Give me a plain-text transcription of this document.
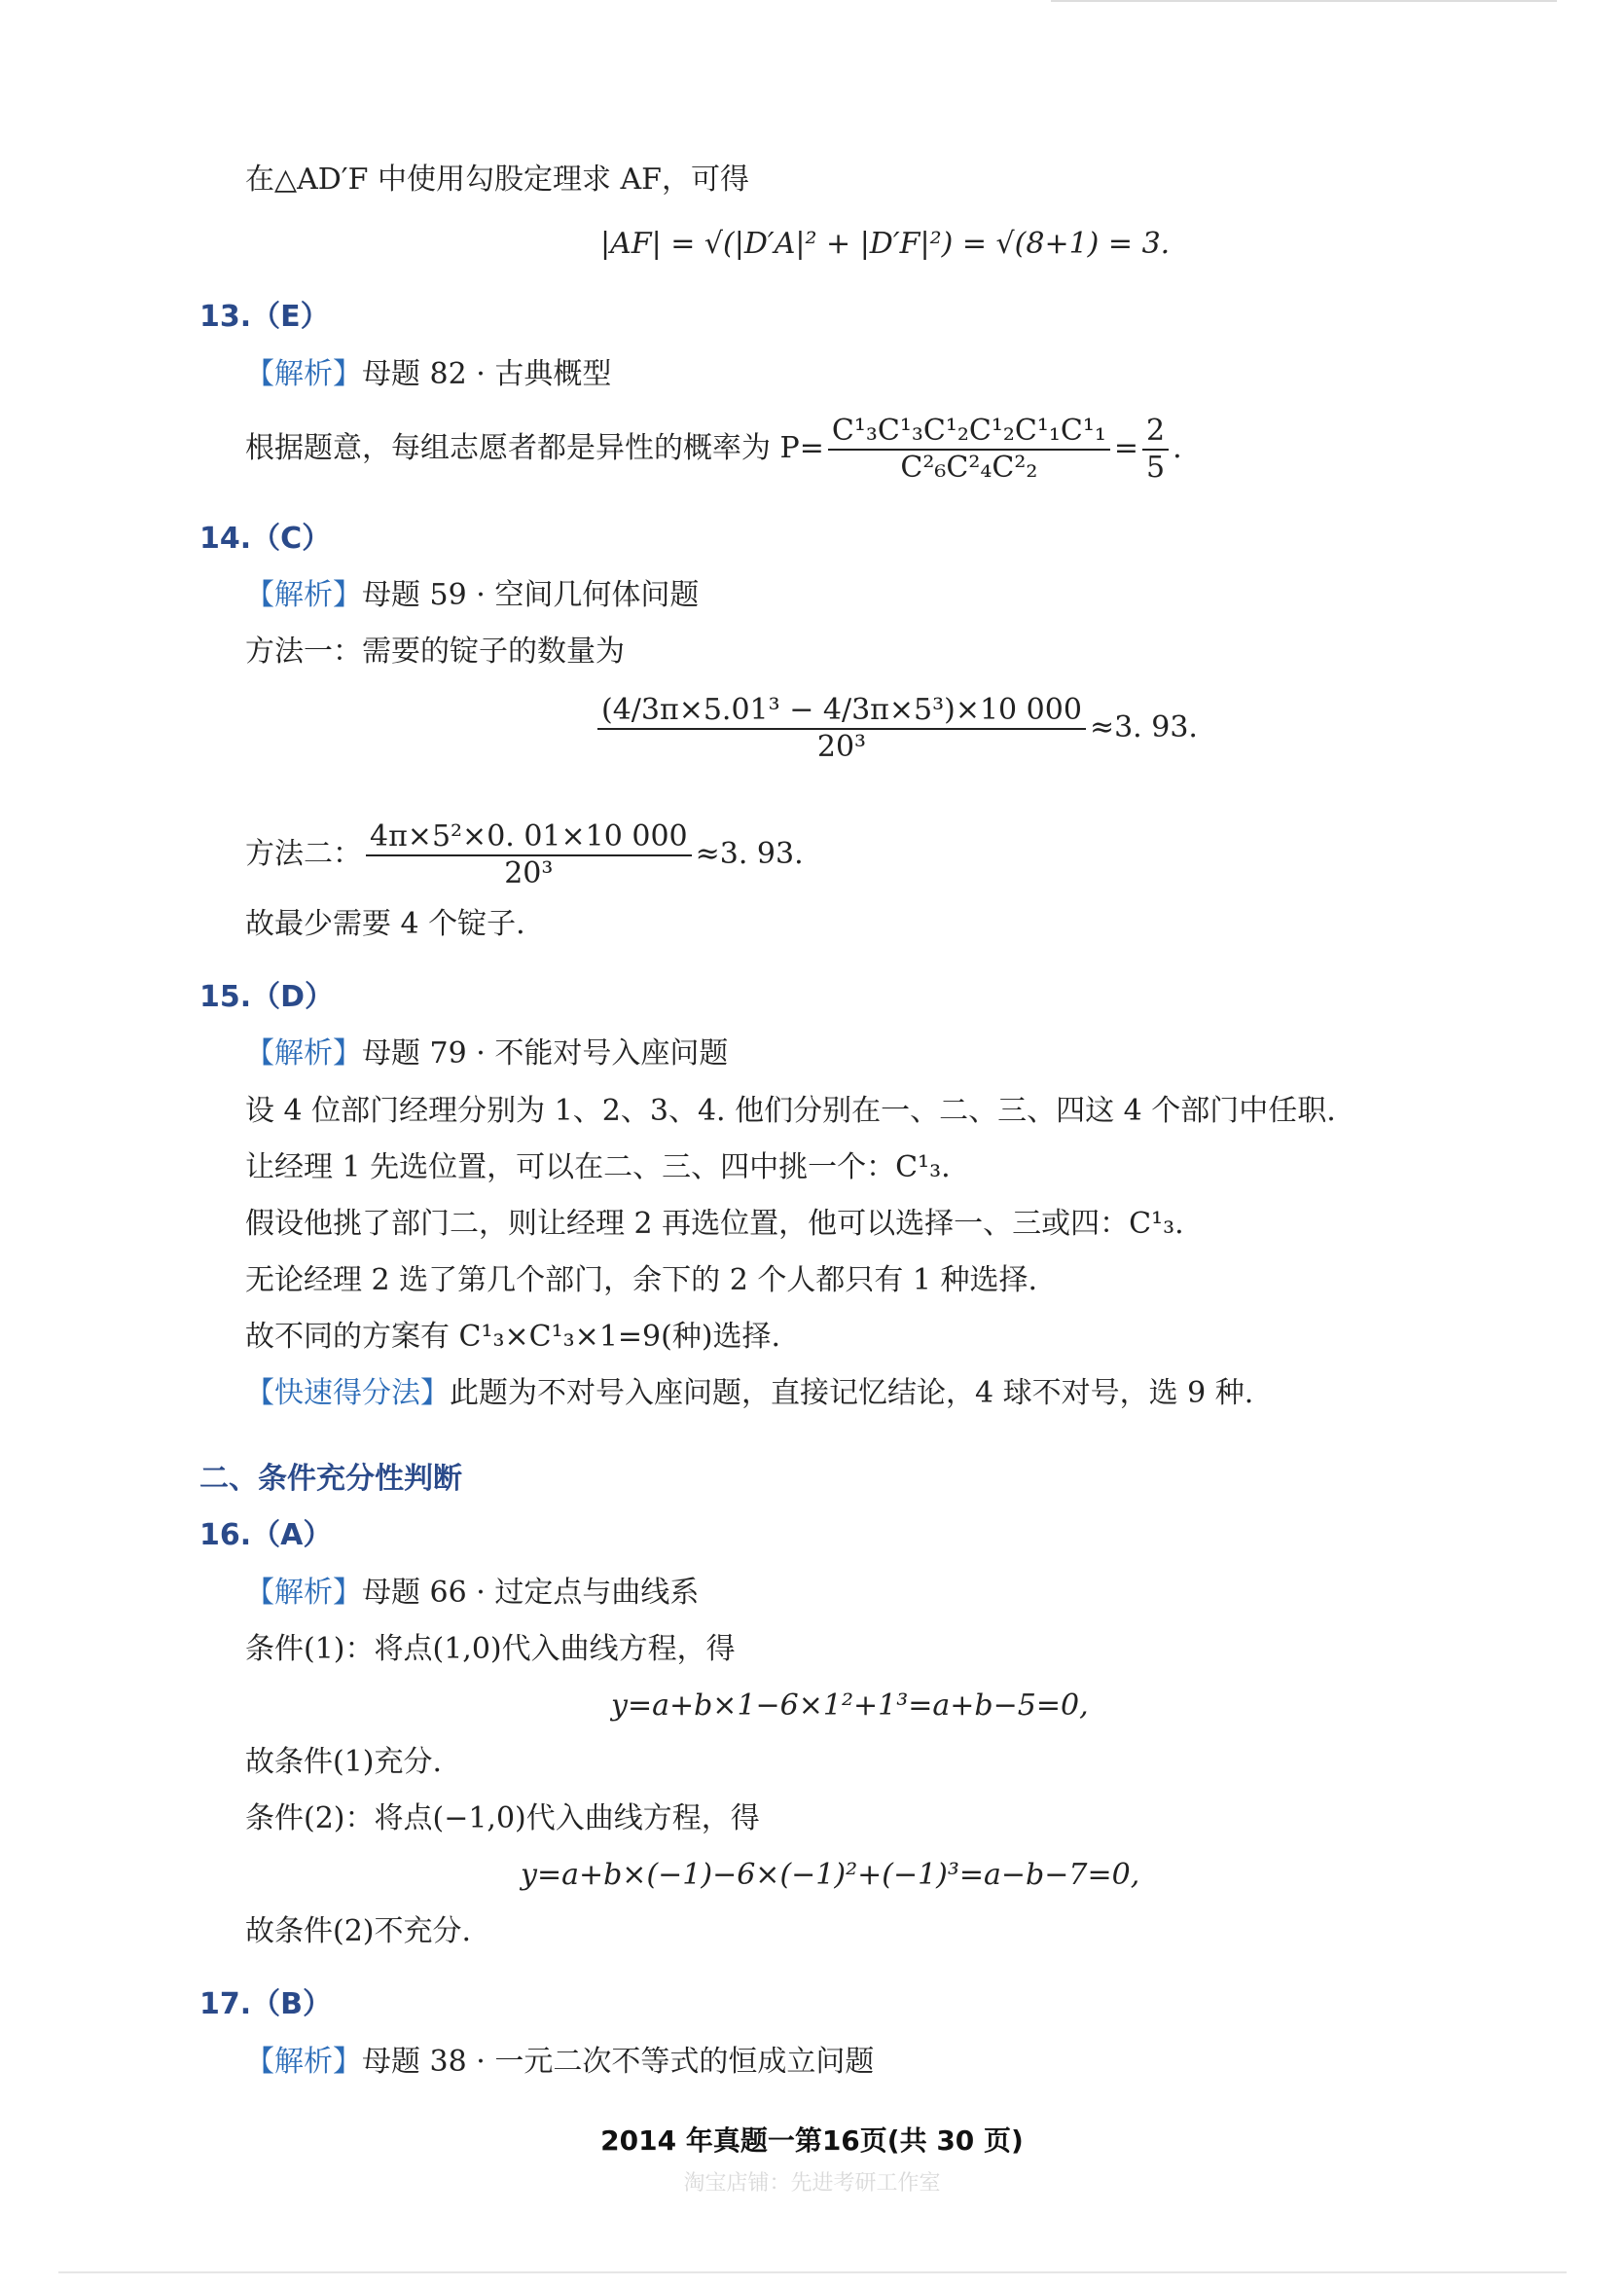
在△AD′F 中使用勾股定理求 AF，可得
|AF| = √(|D′A|² + |D′F|²) = √(8+1) = 3.
13.（E）
【解析】母题 82 · 古典概型
根据题意，每组志愿者都是异性的概率为 $P= \frac{\text{C¹₃C¹₃C¹₂C¹₂C¹₁C¹₁}}{\text{C²₆C²₄C²₂}} = \frac{2}{5}$ .
14.（C）
【解析】母题 59 · 空间几何体问题
方法一：需要的锭子的数量为
$\frac{\text{(4/3π×5.01³ − 4/3π×5³)×10 000}}{\text{20³}} \approx 3$. 93.
方法二： $\frac{\text{4π×5²×0. 01×10 000}}{\text{20³}} \approx 3$. 93.
故最少需要 4 个锭子.
15.（D）
【解析】母题 79 · 不能对号入座问题
设 4 位部门经理分别为 1、2、3、4. 他们分别在一、二、三、四这 4 个部门中任职.
让经理 1 先选位置，可以在二、三、四中挑一个：C¹₃.
假设他挑了部门二，则让经理 2 再选位置，他可以选择一、三或四：C¹₃.
无论经理 2 选了第几个部门，余下的 2 个人都只有 1 种选择.
故不同的方案有 C¹₃×C¹₃×1=9(种)选择.
【快速得分法】此题为不对号入座问题，直接记忆结论，4 球不对号，选 9 种.
二、条件充分性判断
16.（A）
【解析】母题 66 · 过定点与曲线系
条件(1)：将点(1,0)代入曲线方程，得
y=a+b×1−6×1²+1³=a+b−5=0,
故条件(1)充分.
条件(2)：将点(−1,0)代入曲线方程，得
y=a+b×(−1)−6×(−1)²+(−1)³=a−b−7=0,
故条件(2)不充分.
17.（B）
【解析】母题 38 · 一元二次不等式的恒成立问题
2014 年真题一第16页(共 30 页)
淘宝店铺：先进考研工作室
